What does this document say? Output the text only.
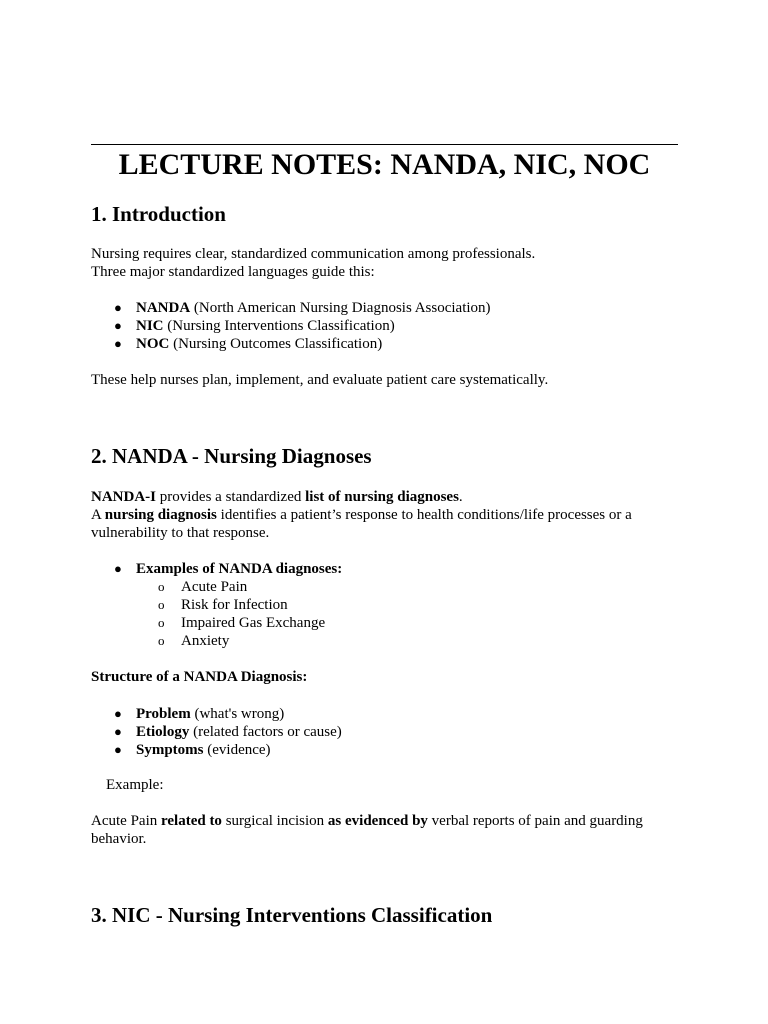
LECTURE NOTES: NANDA, NIC, NOC
1. Introduction

Nursing requires clear, standardized communication among professionals.

Three major standardized languages guide this:

● NANDA (North American Nursing Diagnosis Association)
● NIC (Nursing Interventions Classification)
● NOC (Nursing Outcomes Classification)

These help nurses plan, implement, and evaluate patient care systematically.

2. NANDA - Nursing Diagnoses

NANDA-I provides a standardized list of nursing diagnoses.

A nursing diagnosis identifies a patient’s response to health conditions/life processes or a

vulnerability to that response.

● Examples of NANDA diagnoses:
o Acute Pain
o Risk for Infection
o Impaired Gas Exchange
o Anxiety

Structure of a NANDA Diagnosis:

● Problem (what's wrong)
● Etiology (related factors or cause)
● Symptoms (evidence)

Example:

Acute Pain related to surgical incision as evidenced by verbal reports of pain and guarding

behavior.

3. NIC - Nursing Interventions Classification
